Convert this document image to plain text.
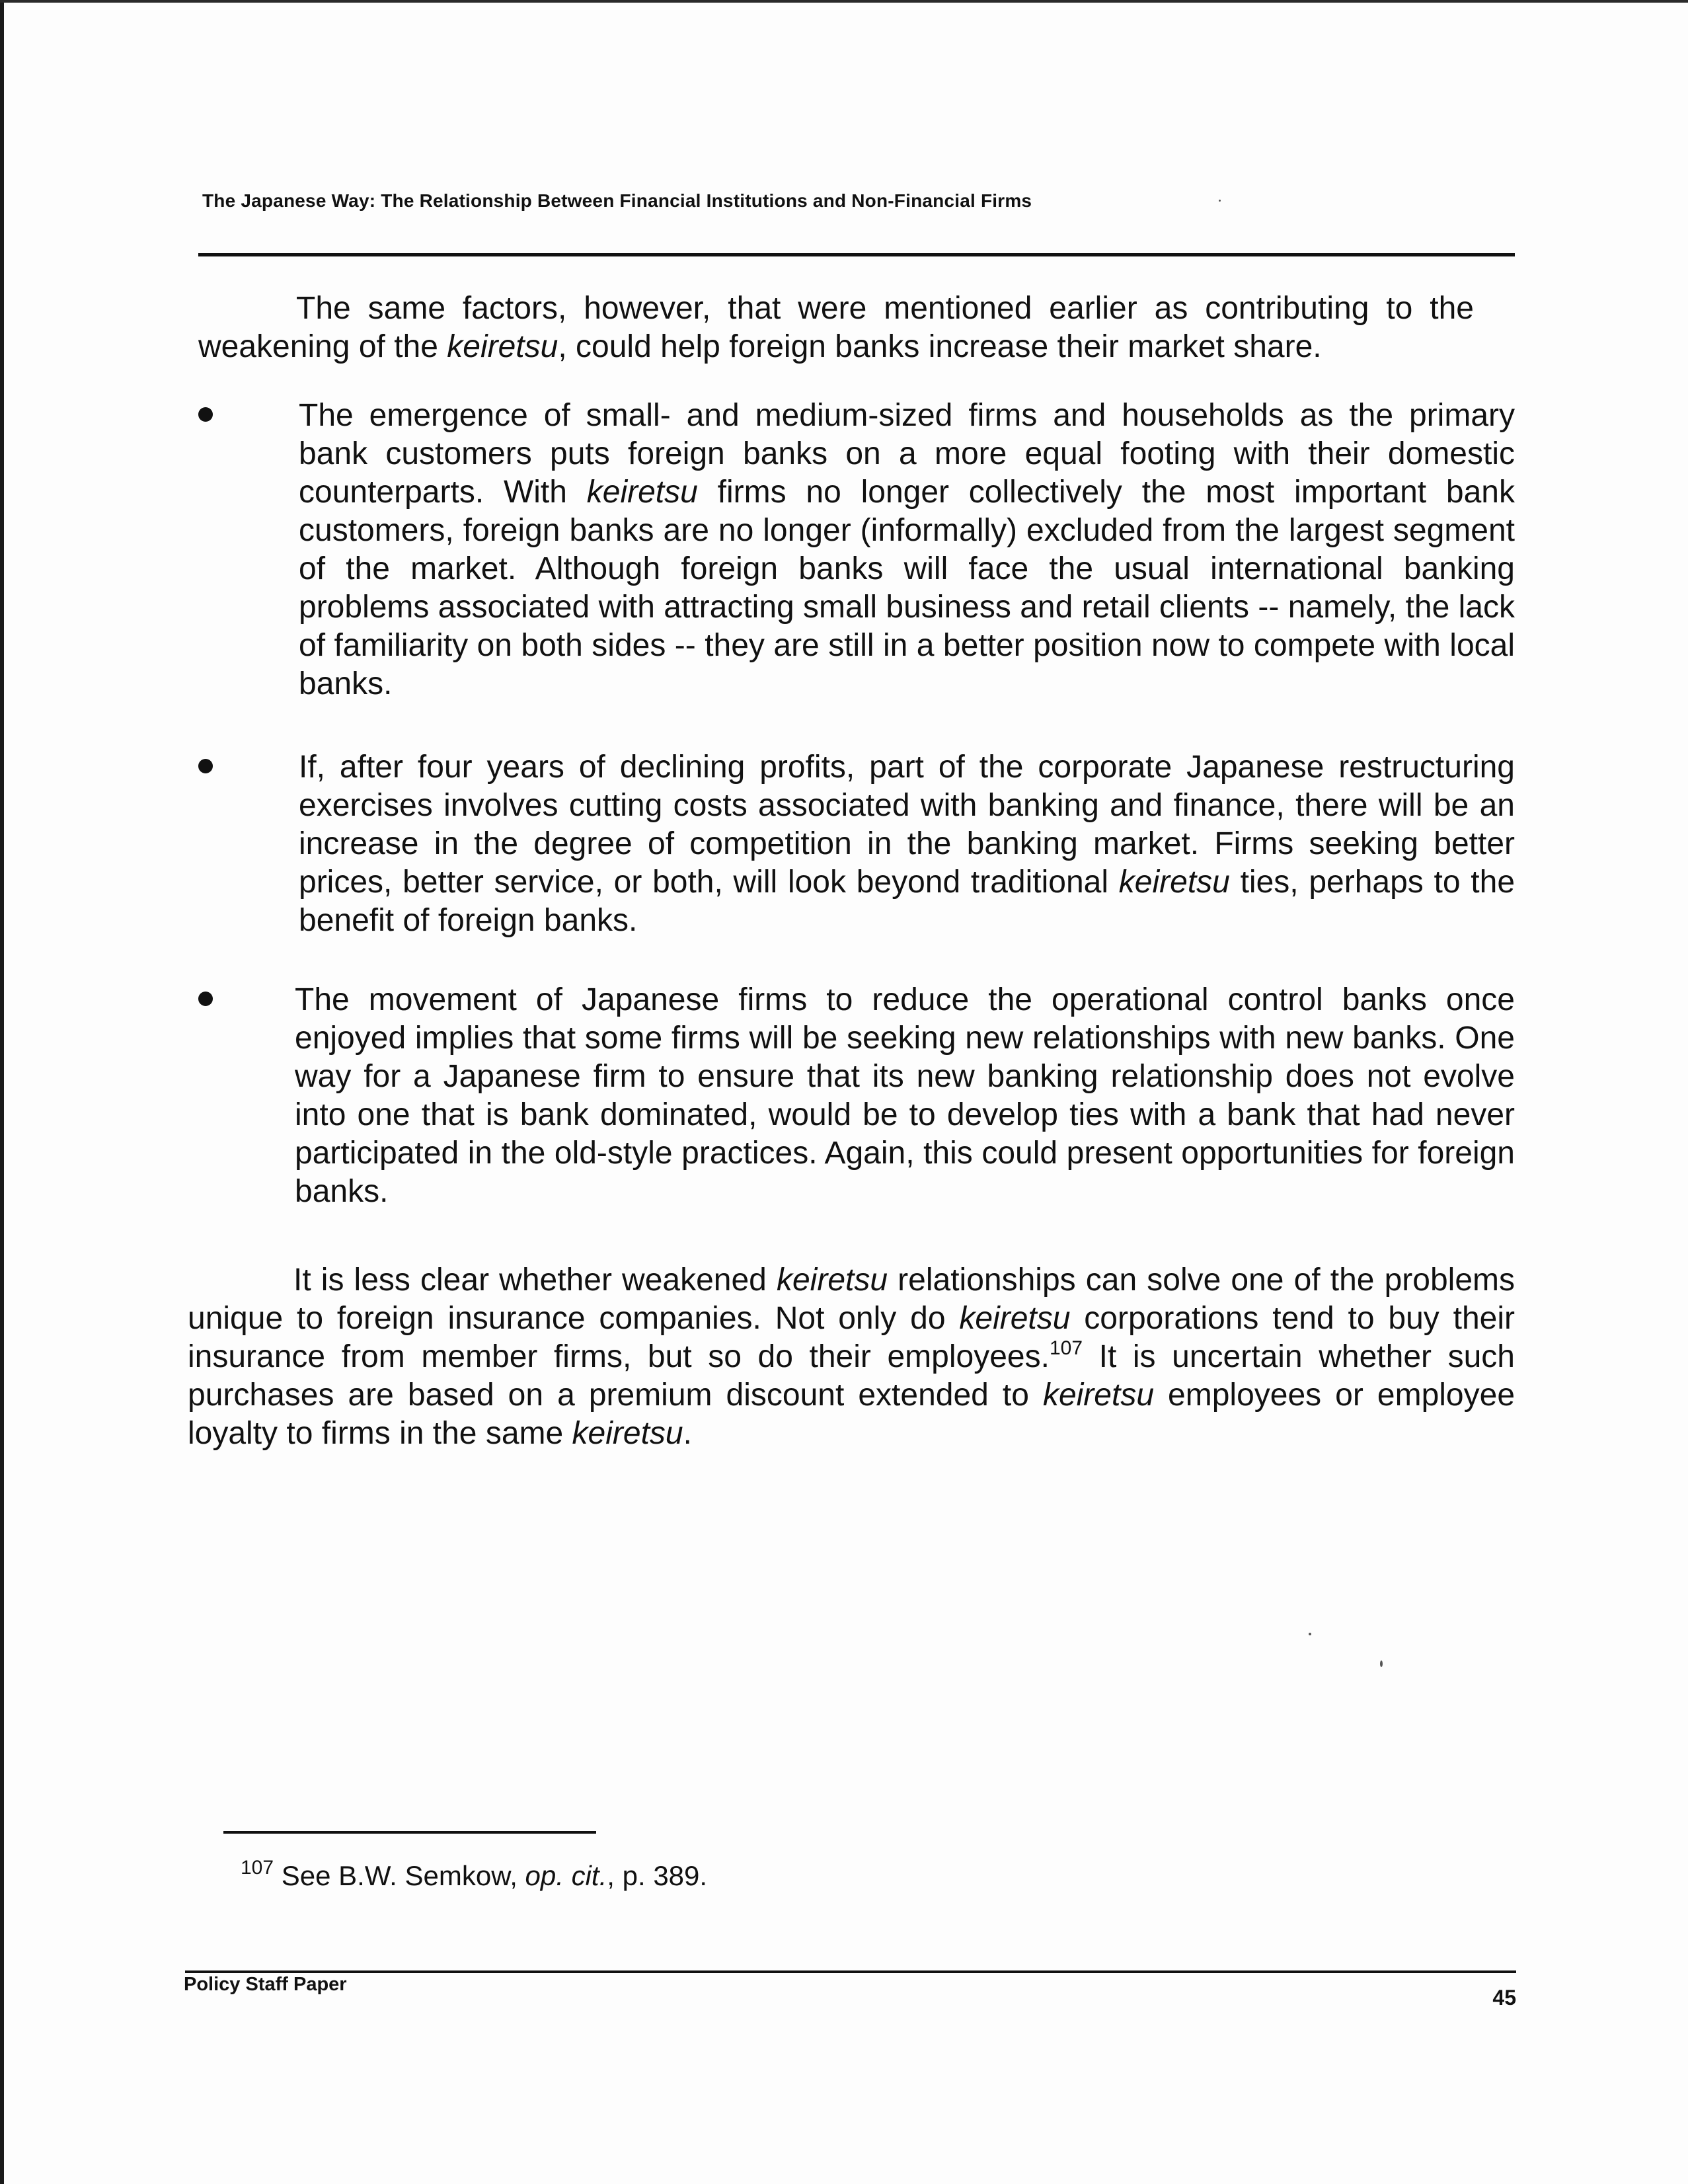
The Japanese Way: The Relationship Between Financial Institutions and Non-Financial Firms
The same factors, however, that were mentioned earlier as contributing to the weakening of the keiretsu, could help foreign banks increase their market share.
The emergence of small- and medium-sized firms and households as the primary bank customers puts foreign banks on a more equal footing with their domestic counterparts. With keiretsu firms no longer collectively the most important bank customers, foreign banks are no longer (informally) excluded from the largest segment of the market. Although foreign banks will face the usual international banking problems associated with attracting small business and retail clients -- namely, the lack of familiarity on both sides -- they are still in a better position now to compete with local banks.
If, after four years of declining profits, part of the corporate Japanese restructuring exercises involves cutting costs associated with banking and finance, there will be an increase in the degree of competition in the banking market. Firms seeking better prices, better service, or both, will look beyond traditional keiretsu ties, perhaps to the benefit of foreign banks.
The movement of Japanese firms to reduce the operational control banks once enjoyed implies that some firms will be seeking new relationships with new banks. One way for a Japanese firm to ensure that its new banking relationship does not evolve into one that is bank dominated, would be to develop ties with a bank that had never participated in the old-style practices. Again, this could present opportunities for foreign banks.
It is less clear whether weakened keiretsu relationships can solve one of the problems unique to foreign insurance companies. Not only do keiretsu corporations tend to buy their insurance from member firms, but so do their employees.$^{107}$ It is uncertain whether such purchases are based on a premium discount extended to keiretsu employees or employee loyalty to firms in the same keiretsu.
$^{107}$ See B.W. Semkow, op. cit., p. 389.
Policy Staff Paper
45
